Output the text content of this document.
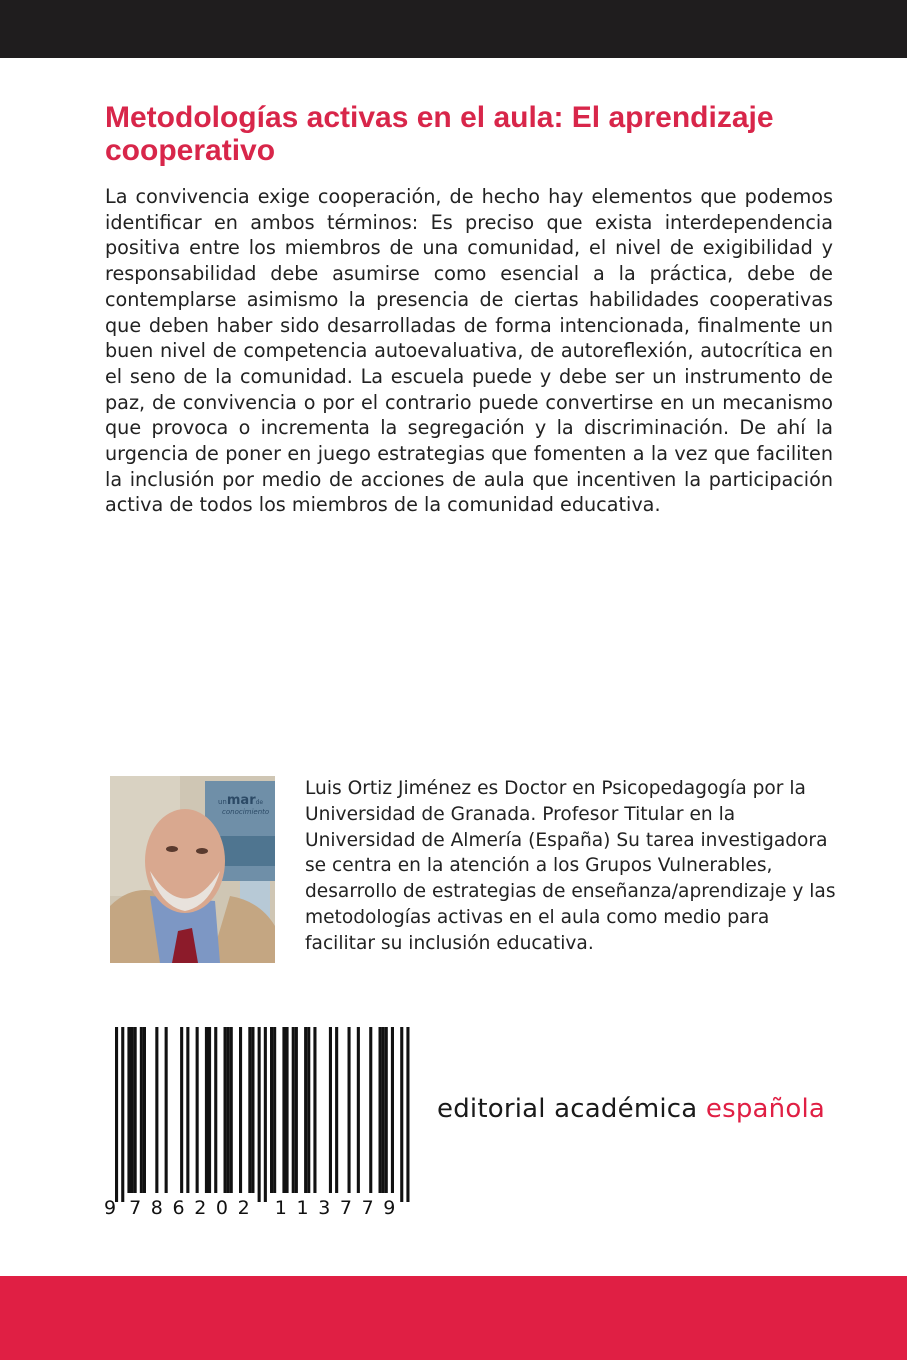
Metodologías activas en el aula: El aprendizaje cooperativo

La convivencia exige cooperación, de hecho hay elementos que podemos identificar en ambos términos: Es preciso que exista interdependencia positiva entre los miembros de una comunidad, el nivel de exigibilidad y responsabilidad debe asumirse como esencial a la práctica, debe de contemplarse asimismo la presencia de ciertas habilidades cooperativas que deben haber sido desarrolladas de forma intencionada, finalmente un buen nivel de competencia autoevaluativa, de autoreflexión, autocrítica en el seno de la comunidad. La escuela puede y debe ser un instrumento de paz, de convivencia o por el contrario puede convertirse en un mecanismo que provoca o incrementa la segregación y la discriminación. De ahí la urgencia de poner en juego estrategias que fomenten a la vez que faciliten la inclusión por medio de acciones de aula que incentiven la participación activa de todos los miembros de la comunidad educativa.

unmarde
conocimiento

Luis Ortiz Jiménez es Doctor en Psicopedagogía por la Universidad de Granada. Profesor Titular en la Universidad de Almería (España) Su tarea investigadora se centra en la atención a los Grupos Vulnerables, desarrollo de estrategias de enseñanza/aprendizaje y las metodologías activas en el aula como medio para facilitar su inclusión educativa.

9 7 8 6 2 0 2 1 1 3 7 7 9
editorial académica española
